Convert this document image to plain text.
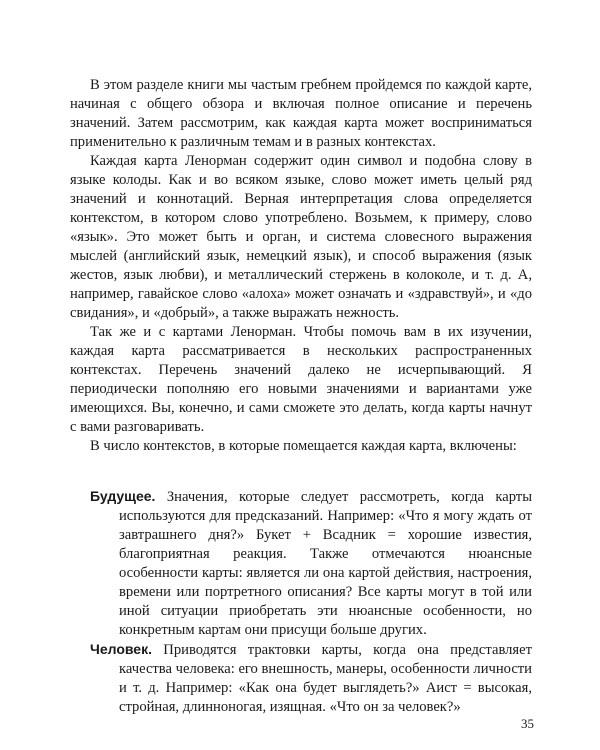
В этом разделе книги мы частым гребнем пройдемся по каждой карте, начиная с общего обзора и включая полное описание и перечень значений. Затем рассмотрим, как каждая карта может восприниматься применительно к различным темам и в разных контекстах.

Каждая карта Ленорман содержит один символ и подобна слову в языке колоды. Как и во всяком языке, слово может иметь целый ряд значений и коннотаций. Верная интерпретация слова определяется контекстом, в котором слово употреблено. Возьмем, к примеру, слово «язык». Это может быть и орган, и система словесного выражения мыслей (английский язык, немецкий язык), и способ выражения (язык жестов, язык любви), и металлический стержень в колоколе, и т. д. А, например, гавайское слово «алоха» может означать и «здравствуй», и «до свидания», и «добрый», а также выражать нежность.

Так же и с картами Ленорман. Чтобы помочь вам в их изучении, каждая карта рассматривается в нескольких распространенных контекстах. Перечень значений далеко не исчерпывающий. Я периодически пополняю его новыми значениями и вариантами уже имеющихся. Вы, конечно, и сами сможете это делать, когда карты начнут с вами разговаривать.

В число контекстов, в которые помещается каждая карта, включены:

Будущее. Значения, которые следует рассмотреть, когда карты используются для предсказаний. Например: «Что я могу ждать от завтрашнего дня?» Букет + Всадник = хорошие известия, благоприятная реакция. Также отмечаются нюансные особенности карты: является ли она картой действия, настроения, времени или портретного описания? Все карты могут в той или иной ситуации приобретать эти нюансные особенности, но конкретным картам они присущи больше других.

Человек. Приводятся трактовки карты, когда она представляет качества человека: его внешность, манеры, особенности личности и т. д. Например: «Как она будет выглядеть?» Аист = высокая, стройная, длинноногая, изящная. «Что он за человек?»

35
